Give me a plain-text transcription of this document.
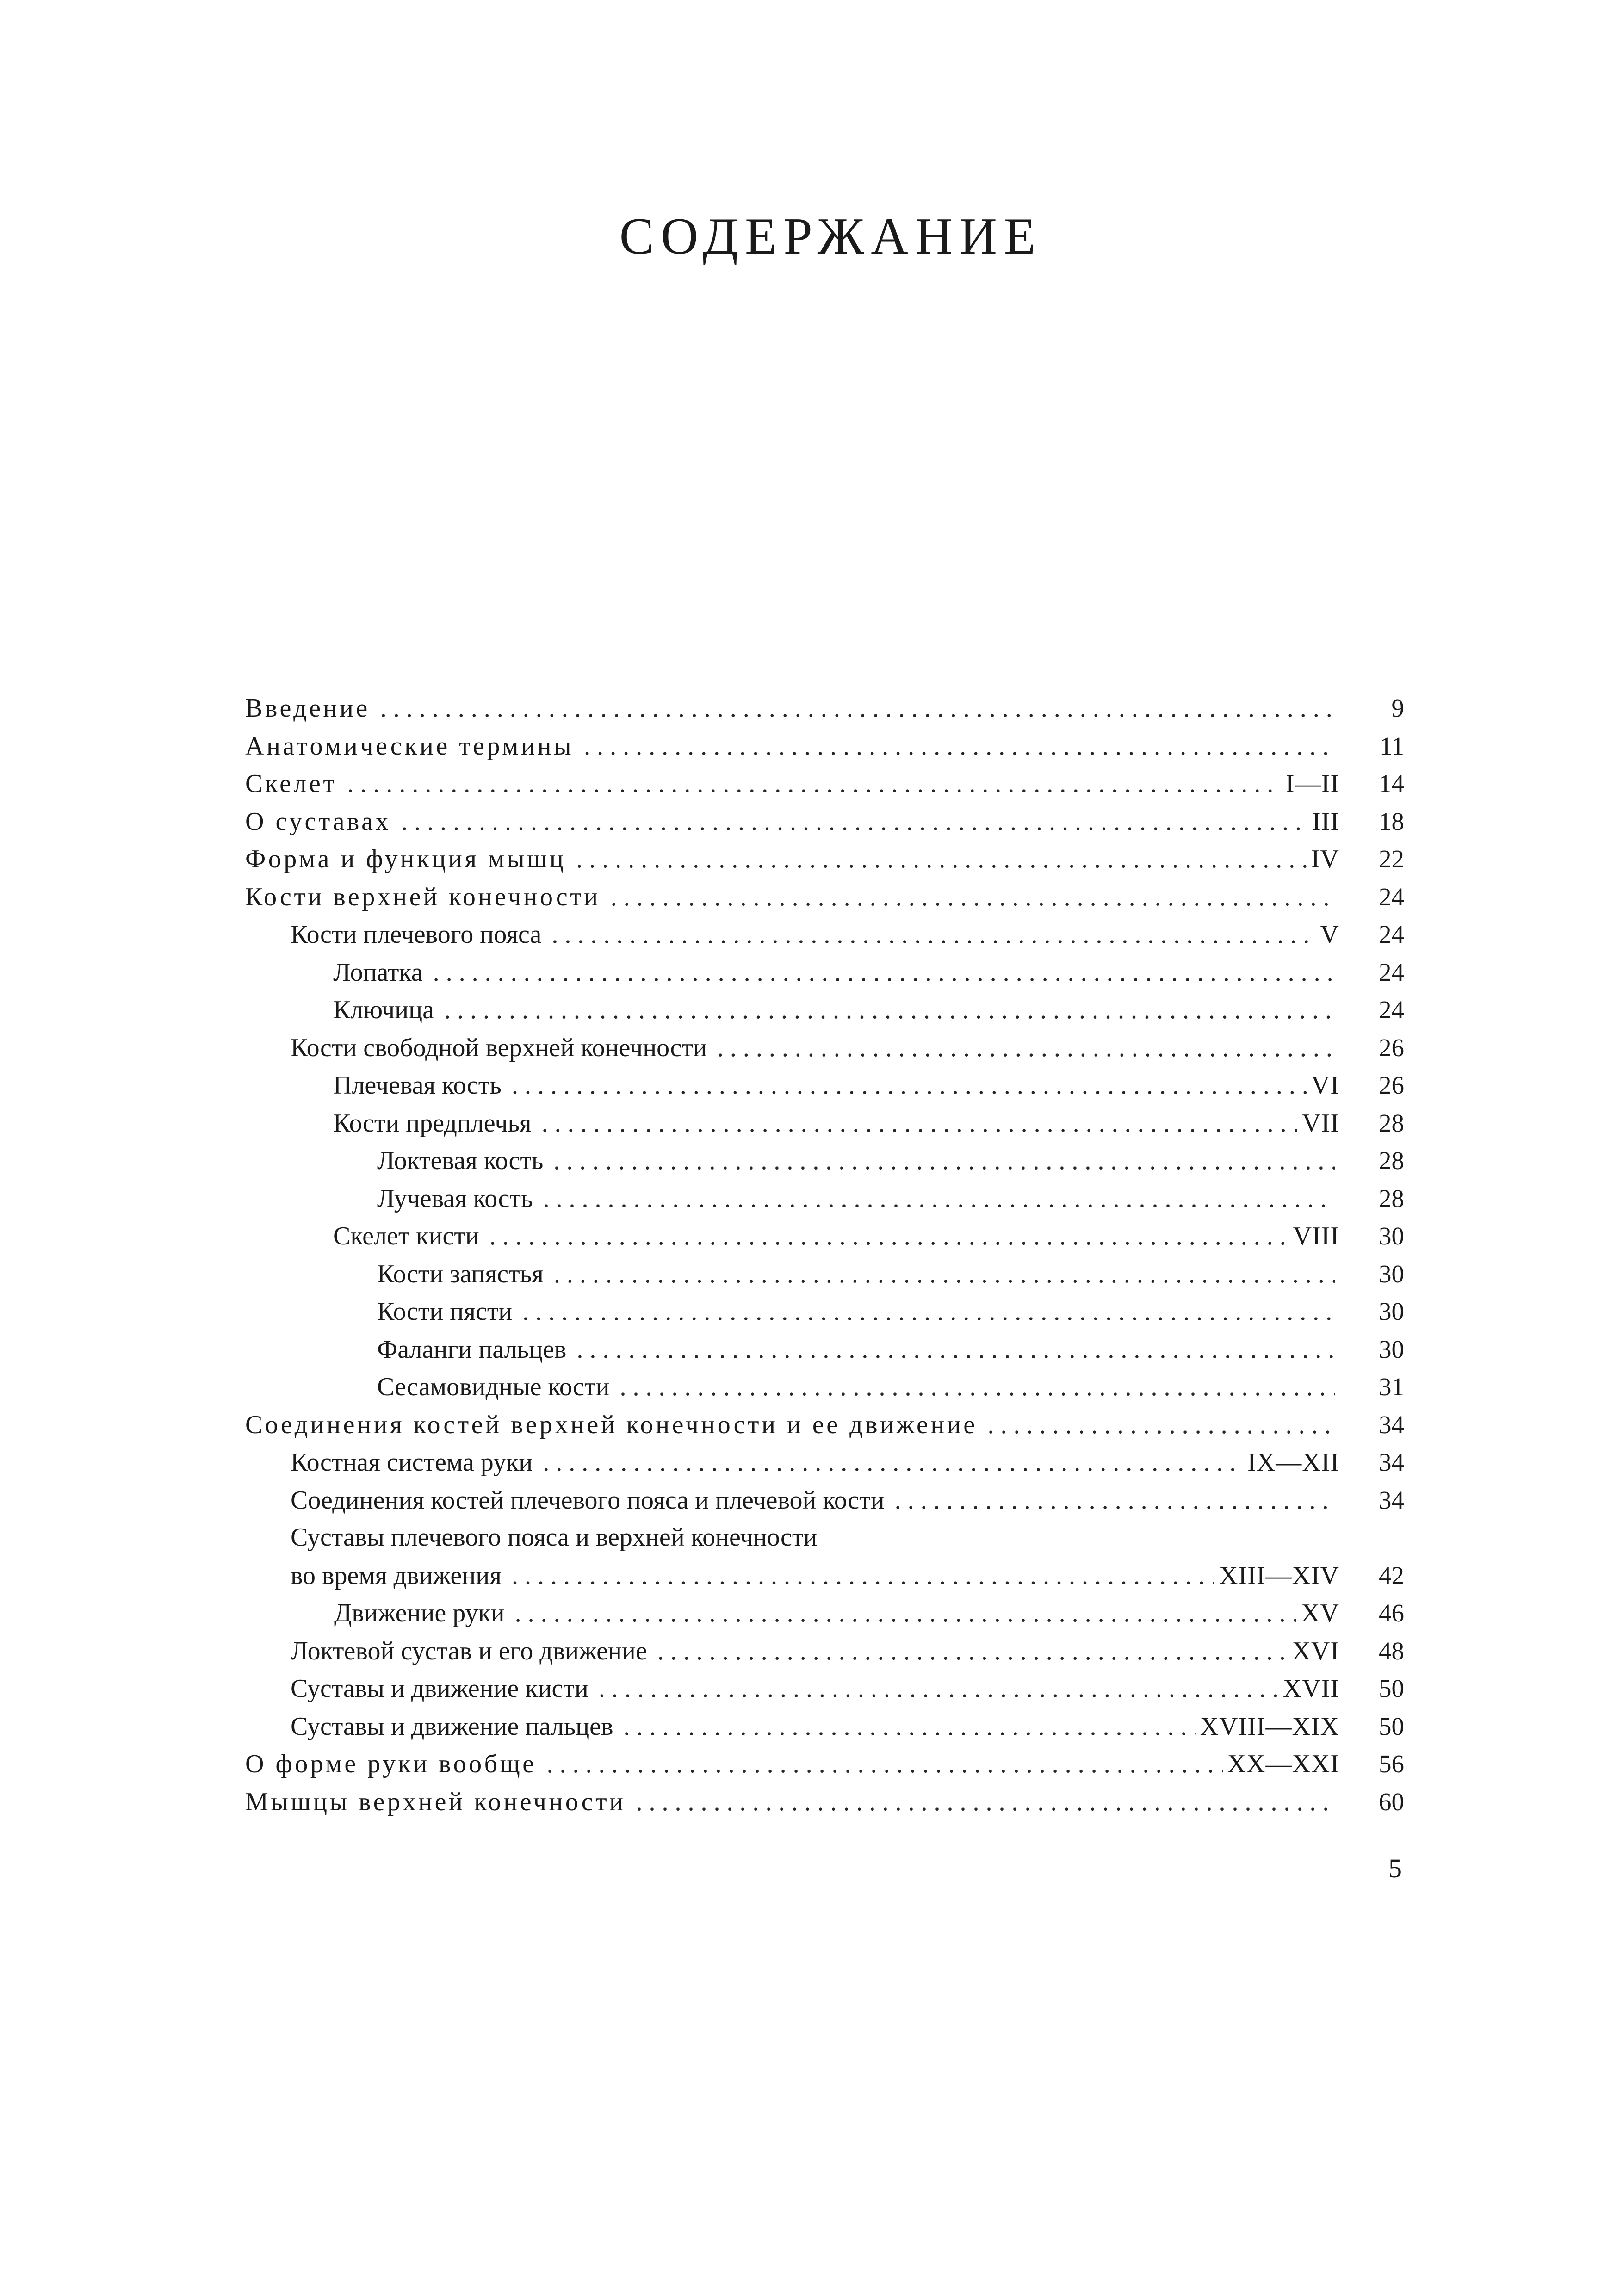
СОДЕРЖАНИЕ
Введение . . .	9
Анатомические термины . . .	11
Скелет . . .	I—II	14
О суставах . . .	III	18
Форма и функция мышц . . .	IV	22
Кости верхней конечности . . .	24
Кости плечевого пояса . . .	V	24
Лопатка . . .	24
Ключица . . .	24
Кости свободной верхней конечности . . .	26
Плечевая кость . . .	VI	26
Кости предплечья . . .	VII	28
Локтевая кость . . .	28
Лучевая кость . . .	28
Скелет кисти . . .	VIII	30
Кости запястья . . .	30
Кости пясти . . .	30
Фаланги пальцев . . .	30
Сесамовидные кости . . .	31
Соединения костей верхней конечности и ее движение . . .	34
Костная система руки . . .	IX—XII	34
Соединения костей плечевого пояса и плечевой кости . . .	34
Суставы плечевого пояса и верхней конечности
во время движения . . .	XIII—XIV	42
Движение руки . . .	XV	46
Локтевой сустав и его движение . . .	XVI	48
Суставы и движение кисти . . .	XVII	50
Суставы и движение пальцев . . .	XVIII—XIX	50
О форме руки вообще . . .	XX—XXI	56
Мышцы верхней конечности . . .	60
5
